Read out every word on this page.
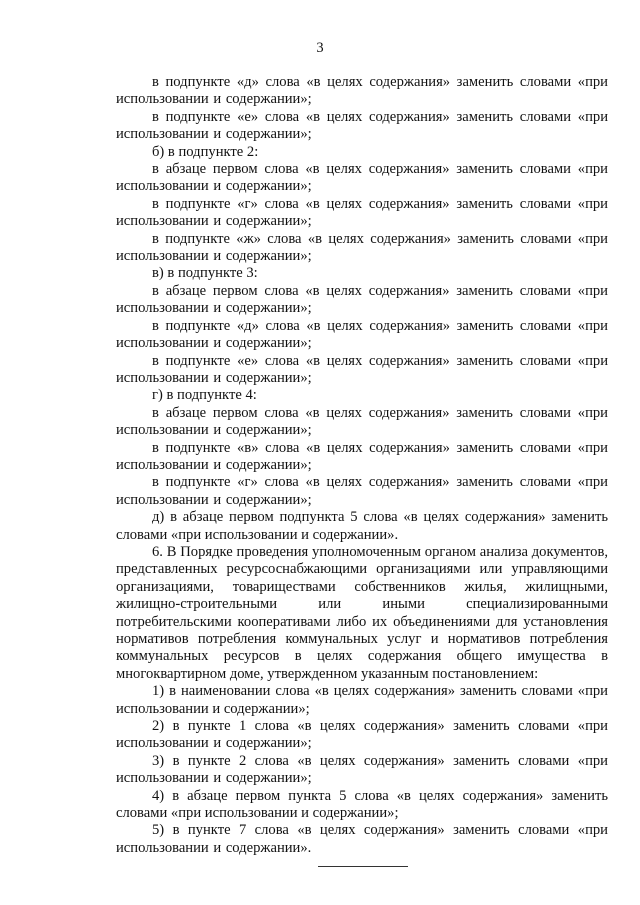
3

в подпункте «д» слова «в целях содержания» заменить словами «при использовании и содержании»;

в подпункте «е» слова «в целях содержания» заменить словами «при использовании и содержании»;

б) в подпункте 2:

в абзаце первом слова «в целях содержания» заменить словами «при использовании и содержании»;

в подпункте «г» слова «в целях содержания» заменить словами «при использовании и содержании»;

в подпункте «ж» слова «в целях содержания» заменить словами «при использовании и содержании»;

в) в подпункте 3:

в абзаце первом слова «в целях содержания» заменить словами «при использовании и содержании»;

в подпункте «д» слова «в целях содержания» заменить словами «при использовании и содержании»;

в подпункте «е» слова «в целях содержания» заменить словами «при использовании и содержании»;

г) в подпункте 4:

в абзаце первом слова «в целях содержания» заменить словами «при использовании и содержании»;

в подпункте «в» слова «в целях содержания» заменить словами «при использовании и содержании»;

в подпункте «г» слова «в целях содержания» заменить словами «при использовании и содержании»;

д) в абзаце первом подпункта 5 слова «в целях содержания» заменить словами «при использовании и содержании».

6. В Порядке проведения уполномоченным органом анализа документов, представленных ресурсоснабжающими организациями или управляющими организациями, товариществами собственников жилья, жилищными, жилищно-строительными или иными специализированными потребительскими кооперативами либо их объединениями для установления нормативов потребления коммунальных услуг и нормативов потребления коммунальных ресурсов в целях содержания общего имущества в многоквартирном доме, утвержденном указанным постановлением:

1) в наименовании слова «в целях содержания» заменить словами «при использовании и содержании»;

2) в пункте 1 слова «в целях содержания» заменить словами «при использовании и содержании»;

3) в пункте 2 слова «в целях содержания» заменить словами «при использовании и содержании»;

4) в абзаце первом пункта 5 слова «в целях содержания» заменить словами «при использовании и содержании»;

5) в пункте 7 слова «в целях содержания» заменить словами «при использовании и содержании».
